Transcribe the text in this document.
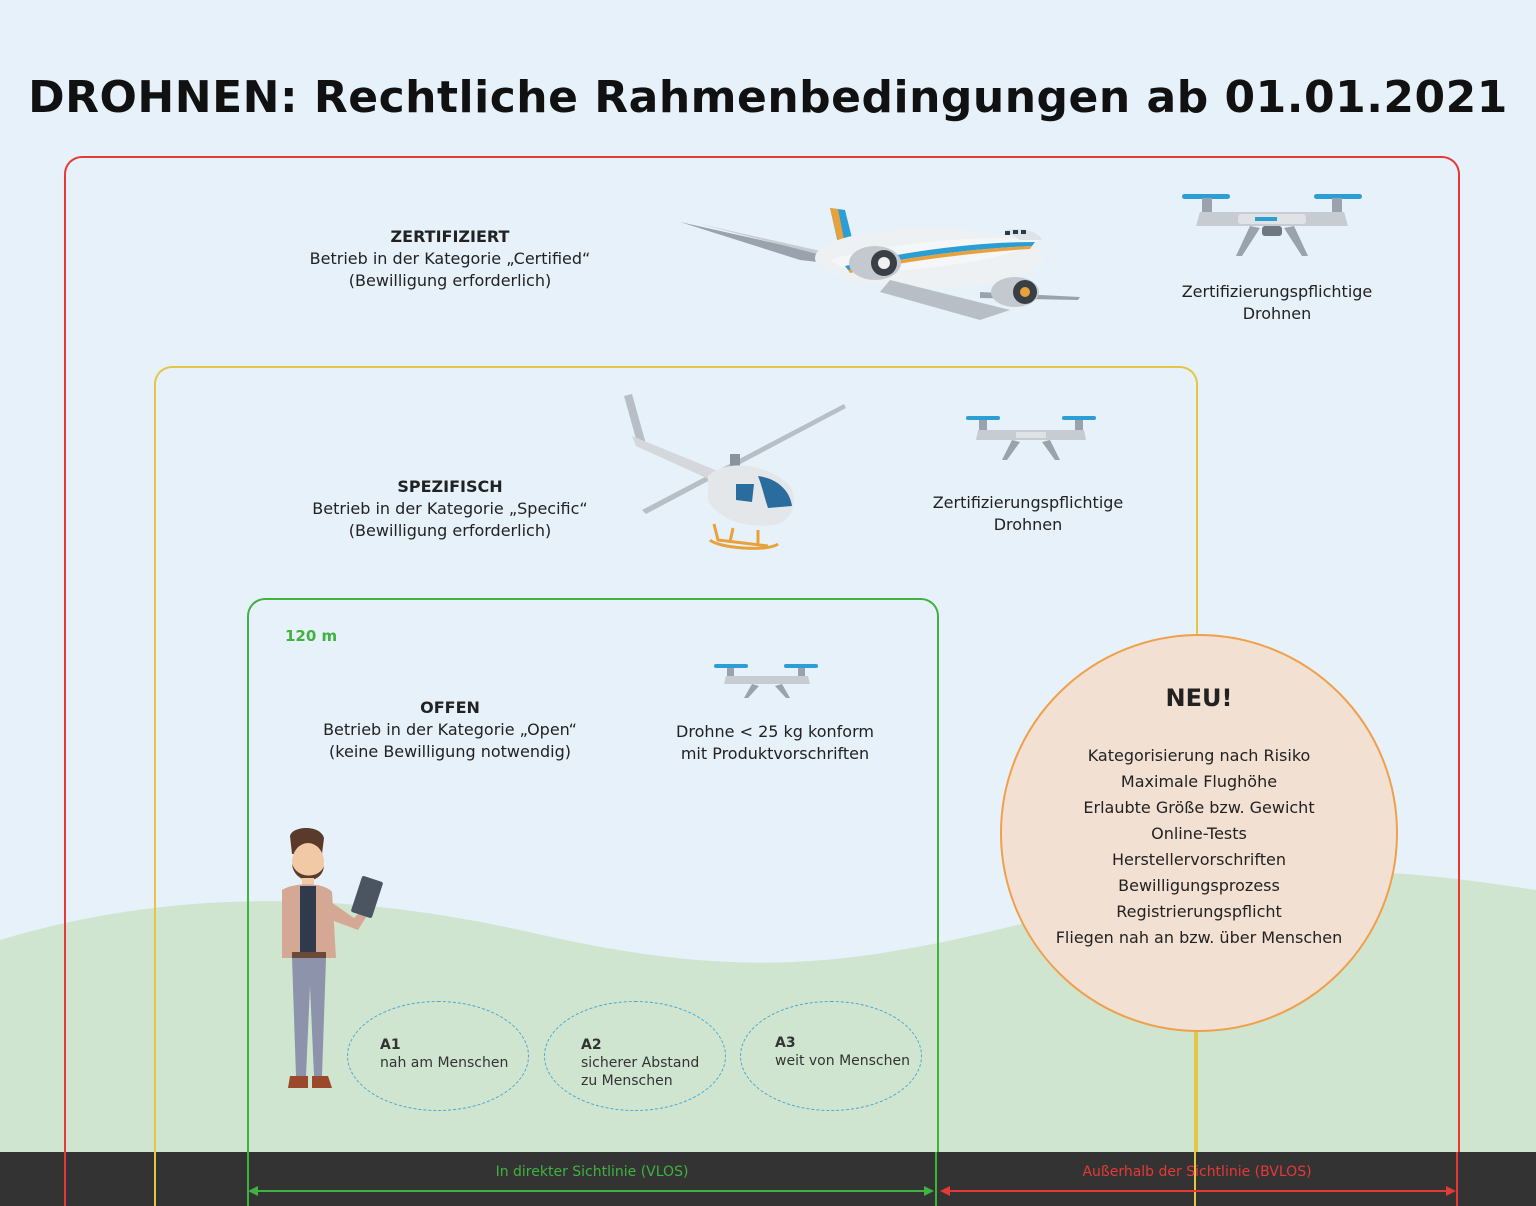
DROHNEN: Rechtliche Rahmenbedingungen ab 01.01.2021
ZERTIFIZIERT
Betrieb in der Kategorie „Certified“
(Bewilligung erforderlich)
Zertifizierungspflichtige
Drohnen
SPEZIFISCH
Betrieb in der Kategorie „Specific“
(Bewilligung erforderlich)
Zertifizierungspflichtige
Drohnen
120 m
OFFEN
Betrieb in der Kategorie „Open“
(keine Bewilligung notwendig)
Drohne < 25 kg konform
mit Produktvorschriften
A1
nah am Menschen
A2
sicherer Abstand
zu Menschen
A3
weit von Menschen
NEU!
Kategorisierung nach Risiko
Maximale Flughöhe
Erlaubte Größe bzw. Gewicht
Online-Tests
Herstellervorschriften
Bewilligungsprozess
Registrierungspflicht
Fliegen nah an bzw. über Menschen
In direkter Sichtlinie (VLOS)	Außerhalb der Sichtlinie (BVLOS)
